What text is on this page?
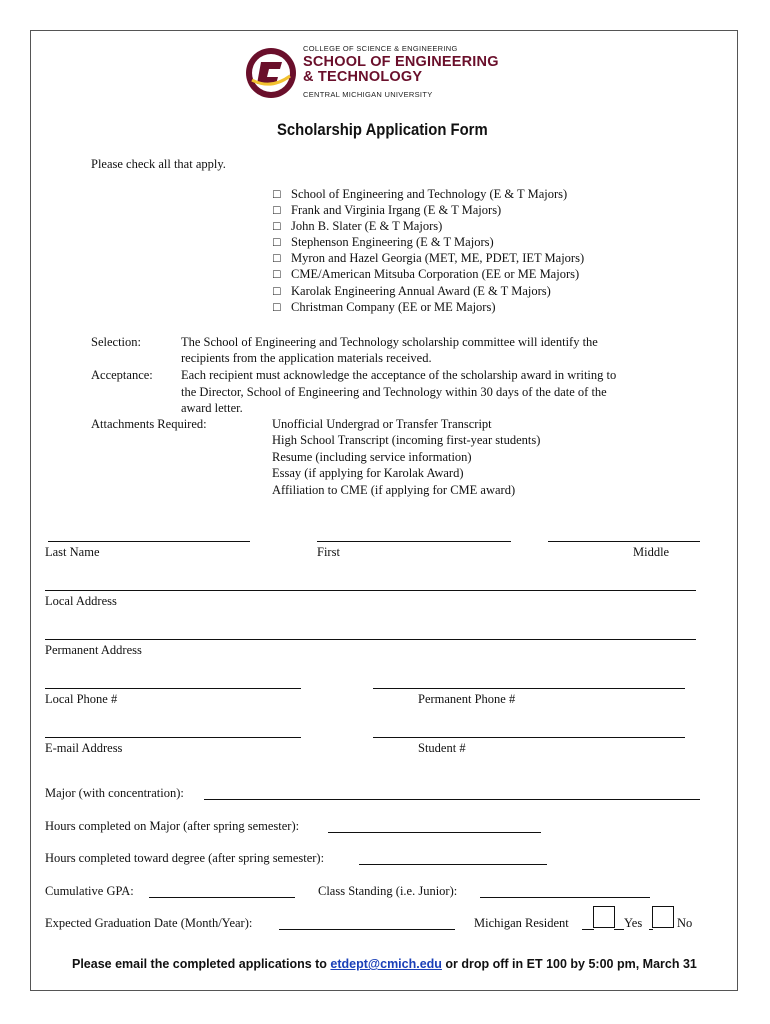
COLLEGE OF SCIENCE & ENGINEERING
SCHOOL OF ENGINEERING
& TECHNOLOGY
CENTRAL MICHIGAN UNIVERSITY
Scholarship Application Form
Please check all that apply.
□ School of Engineering and Technology (E & T Majors)
□ Frank and Virginia Irgang (E & T Majors)
□ John B. Slater (E & T Majors)
□ Stephenson Engineering (E & T Majors)
□ Myron and Hazel Georgia (MET, ME, PDET, IET Majors)
□ CME/American Mitsuba Corporation (EE or ME Majors)
□ Karolak Engineering Annual Award (E & T Majors)
□ Christman Company (EE or ME Majors)
Selection:	The School of Engineering and Technology scholarship committee will identify the
recipients from the application materials received.
Acceptance: Each recipient must acknowledge the acceptance of the scholarship award in writing to
the Director, School of Engineering and Technology within 30 days of the date of the
award letter.
Attachments Required:	Unofficial Undergrad or Transfer Transcript
High School Transcript (incoming first-year students)
Resume (including service information)
Essay (if applying for Karolak Award)
Affiliation to CME (if applying for CME award)
Last Name	First	Middle
Local Address
Permanent Address
Local Phone #	Permanent Phone #
E-mail Address	Student #
Major (with concentration):
Hours completed on Major (after spring semester):
Hours completed toward degree (after spring semester):
Cumulative GPA:	Class Standing (i.e. Junior):
Expected Graduation Date (Month/Year):	Michigan Resident	Yes	No
Please email the completed applications to etdept@cmich.edu or drop off in ET 100 by 5:00 pm, March 31
